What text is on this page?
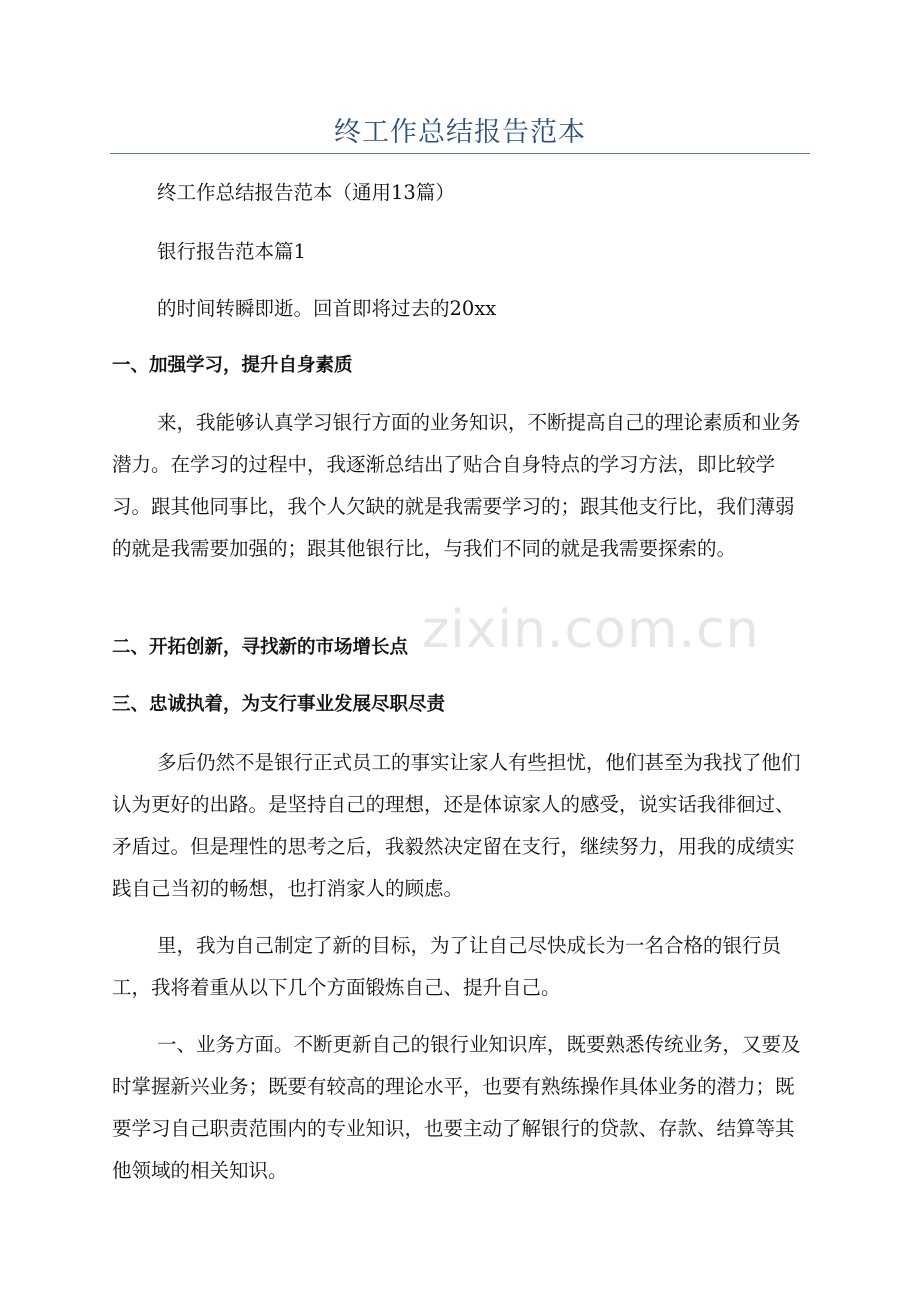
zixin.com.cn
终工作总结报告范本

终工作总结报告范本（通用13篇）

银行报告范本篇1

的时间转瞬即逝。回首即将过去的20xx

一、加强学习，提升自身素质

来，我能够认真学习银行方面的业务知识，不断提高自己的理论素质和业务潜力。在学习的过程中，我逐渐总结出了贴合自身特点的学习方法，即比较学习。跟其他同事比，我个人欠缺的就是我需要学习的；跟其他支行比，我们薄弱的就是我需要加强的；跟其他银行比，与我们不同的就是我需要探索的。

二、开拓创新，寻找新的市场增长点

三、忠诚执着，为支行事业发展尽职尽责

多后仍然不是银行正式员工的事实让家人有些担忧，他们甚至为我找了他们认为更好的出路。是坚持自己的理想，还是体谅家人的感受，说实话我徘徊过、矛盾过。但是理性的思考之后，我毅然决定留在支行，继续努力，用我的成绩实践自己当初的畅想，也打消家人的顾虑。

里，我为自己制定了新的目标，为了让自己尽快成长为一名合格的银行员工，我将着重从以下几个方面锻炼自己、提升自己。

一、业务方面。不断更新自己的银行业知识库，既要熟悉传统业务，又要及时掌握新兴业务；既要有较高的理论水平，也要有熟练操作具体业务的潜力；既要学习自己职责范围内的专业知识，也要主动了解银行的贷款、存款、结算等其他领域的相关知识。
